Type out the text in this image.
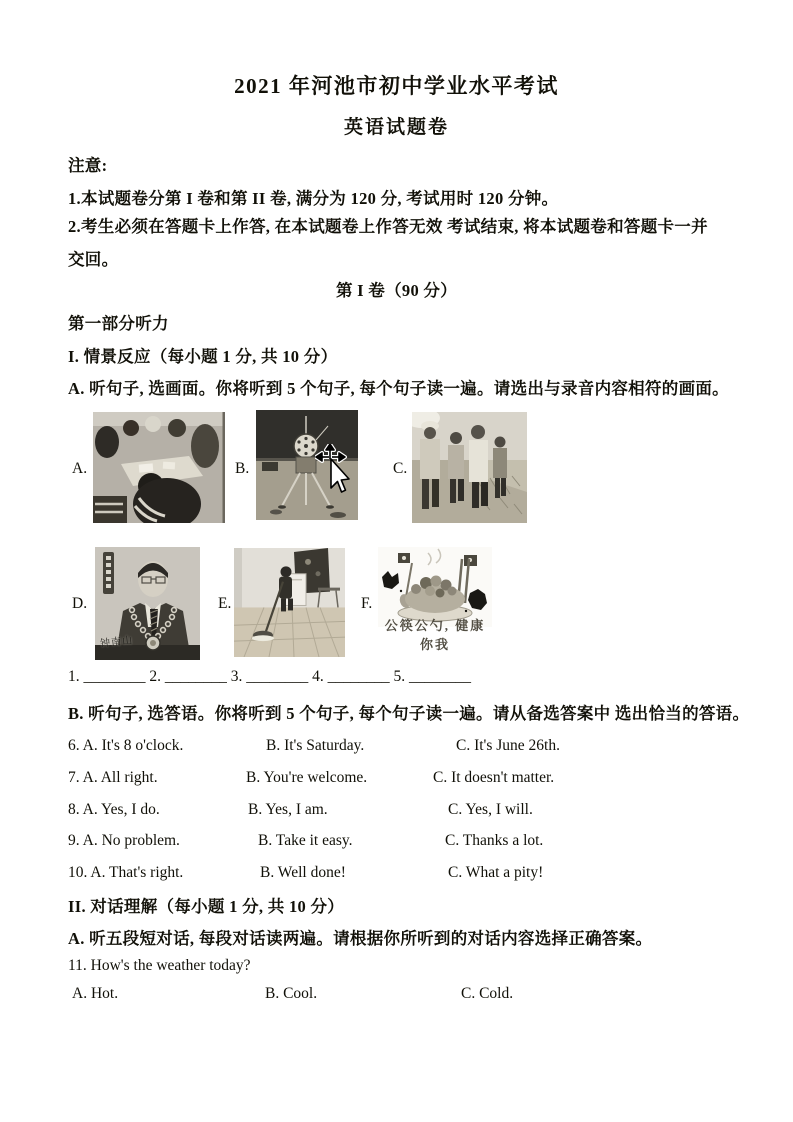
2021 年河池市初中学业水平考试
英语试题卷
注意:
1.本试题卷分第 I 卷和第 II 卷, 满分为 120 分, 考试用时 120 分钟。
2.考生必须在答题卡上作答, 在本试题卷上作答无效 考试结束, 将本试题卷和答题卡一并交回。
第 I 卷（90 分）
第一部分听力
I. 情景反应（每小题 1 分, 共 10 分）
A. 听句子, 选画面。你将听到 5 个句子, 每个句子读一遍。请选出与录音内容相符的画面。
A.	B.	C.
D.
钟南山
E.	F.
公筷公勺, 健康你我
1. ________ 2. ________ 3. ________ 4. ________ 5. ________
B. 听句子, 选答语。你将听到 5 个句子, 每个句子读一遍。请从备选答案中 选出恰当的答语。
6. A. It's 8 o'clock.	B. It's Saturday.	C. It's June 26th.
7. A. All right.	B. You're welcome.	C. It doesn't matter.
8. A. Yes, I do.	B. Yes, I am.	C. Yes, I will.
9. A. No problem.	B. Take it easy.	C. Thanks a lot.
10. A. That's right.	B. Well done!	C. What a pity!
II. 对话理解（每小题 1 分, 共 10 分）
A. 听五段短对话, 每段对话读两遍。请根据你所听到的对话内容选择正确答案。
11. How's the weather today?
A. Hot.	B. Cool.	C. Cold.
